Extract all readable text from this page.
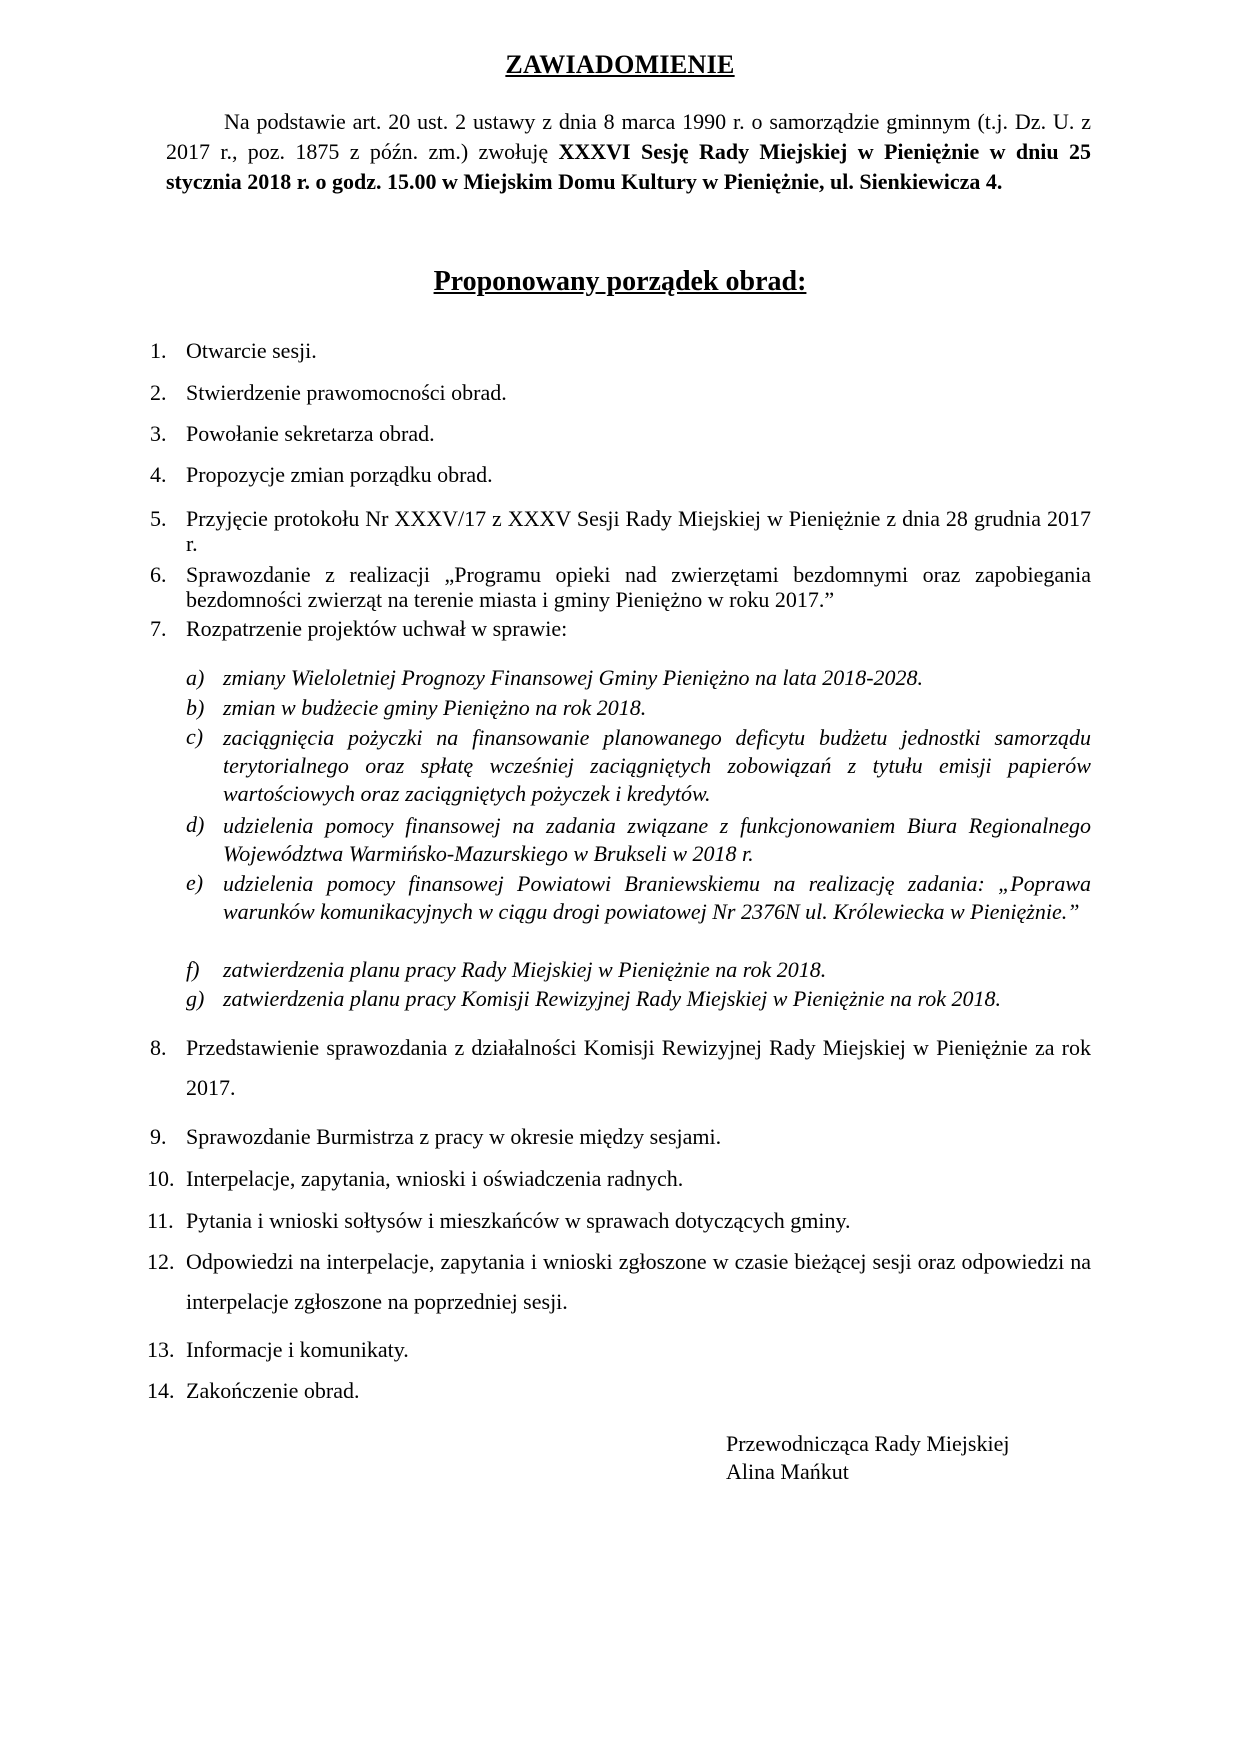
ZAWIADOMIENIE
Na podstawie art. 20 ust. 2 ustawy z dnia 8 marca 1990 r. o samorządzie gminnym (t.j. Dz. U. z 2017 r., poz. 1875 z późn. zm.) zwołuję XXXVI Sesję Rady Miejskiej w Pieniężnie w dniu 25 stycznia 2018 r. o godz. 15.00 w Miejskim Domu Kultury w Pieniężnie, ul. Sienkiewicza 4.
Proponowany porządek obrad:
1. Otwarcie sesji.
2. Stwierdzenie prawomocności obrad.
3. Powołanie sekretarza obrad.
4. Propozycje zmian porządku obrad.
5. Przyjęcie protokołu Nr XXXV/17 z XXXV Sesji Rady Miejskiej w Pieniężnie z dnia 28 grudnia 2017 r.
6. Sprawozdanie z realizacji „Programu opieki nad zwierzętami bezdomnymi oraz zapobiegania bezdomności zwierząt na terenie miasta i gminy Pieniężno w roku 2017.”
7. Rozpatrzenie projektów uchwał w sprawie:
a) zmiany Wieloletniej Prognozy Finansowej Gminy Pieniężno na lata 2018-2028.
b) zmian w budżecie gminy Pieniężno na rok 2018.
c) zaciągnięcia pożyczki na finansowanie planowanego deficytu budżetu jednostki samorządu terytorialnego oraz spłatę wcześniej zaciągniętych zobowiązań z tytułu emisji papierów wartościowych oraz zaciągniętych pożyczek i kredytów.
d) udzielenia pomocy finansowej na zadania związane z funkcjonowaniem Biura Regionalnego Województwa Warmińsko-Mazurskiego w Brukseli w 2018 r.
e) udzielenia pomocy finansowej Powiatowi Braniewskiemu na realizację zadania: „Poprawa warunków komunikacyjnych w ciągu drogi powiatowej Nr 2376N ul. Królewiecka w Pieniężnie.”
f)	zatwierdzenia planu pracy Rady Miejskiej w Pieniężnie na rok 2018.
g) zatwierdzenia planu pracy Komisji Rewizyjnej Rady Miejskiej w Pieniężnie na rok 2018.
8. Przedstawienie sprawozdania z działalności Komisji Rewizyjnej Rady Miejskiej w Pieniężnie za rok 2017.
9. Sprawozdanie Burmistrza z pracy w okresie między sesjami.
10. Interpelacje, zapytania, wnioski i oświadczenia radnych.
11. Pytania i wnioski sołtysów i mieszkańców w sprawach dotyczących gminy.
12. Odpowiedzi na interpelacje, zapytania i wnioski zgłoszone w czasie bieżącej sesji oraz odpowiedzi na interpelacje zgłoszone na poprzedniej sesji.
13. Informacje i komunikaty.
14. Zakończenie obrad.
Przewodnicząca Rady Miejskiej
Alina Mańkut
